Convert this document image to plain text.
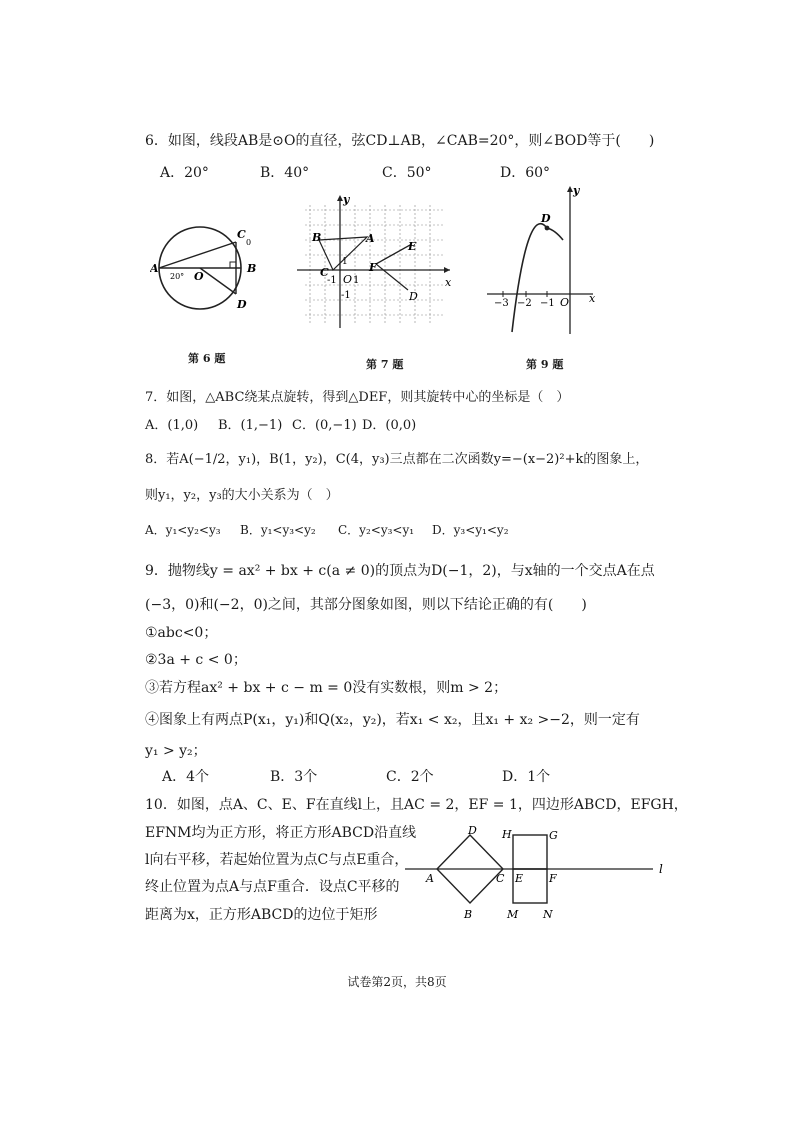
6．如图，线段AB是⊙O的直径，弦CD⊥AB，∠CAB=20°，则∠BOD等于(　　)
A．20°	B．40°	C．50°	D．60°
A
O
B
C
D
20°
0
第 6 题
y
x
A
B
C
E
F
D
O
-1 1
-1
1
第 7 题
y
x
D
O
−3 −2 −1
第 9 题
7．如图，△ABC绕某点旋转，得到△DEF，则其旋转中心的坐标是（　）
A．(1,0) B．(1,−1) C．(0,−1) D．(0,0)
8．若A(−1/2，y₁)，B(1，y₂)，C(4，y₃)三点都在二次函数y=−(x−2)²+k的图象上，
则y₁，y₂，y₃的大小关系为（　）
A．y₁<y₂<y₃ B．y₁<y₃<y₂ C．y₂<y₃<y₁ D．y₃<y₁<y₂
9．抛物线y = ax² + bx + c(a ≠ 0)的顶点为D(−1，2)，与x轴的一个交点A在点
(−3，0)和(−2，0)之间，其部分图象如图，则以下结论正确的有(　　)
①abc<0；
②3a + c < 0；
③若方程ax² + bx + c − m = 0没有实数根，则m > 2；
④图象上有两点P(x₁，y₁)和Q(x₂，y₂)，若x₁ < x₂，且x₁ + x₂ >−2，则一定有
y₁ > y₂；
A．4个	B．3个	C．2个	D．1个
10．如图，点A、C、E、F在直线l上，且AC = 2，EF = 1，四边形ABCD，EFGH，
EFNM均为正方形，将正方形ABCD沿直线
l向右平移，若起始位置为点C与点E重合，
终止位置为点A与点F重合．设点C平移的
距离为x，正方形ABCD的边位于矩形
A
B
C
D
E F
G
H
M N
l
试卷第2页，共8页
